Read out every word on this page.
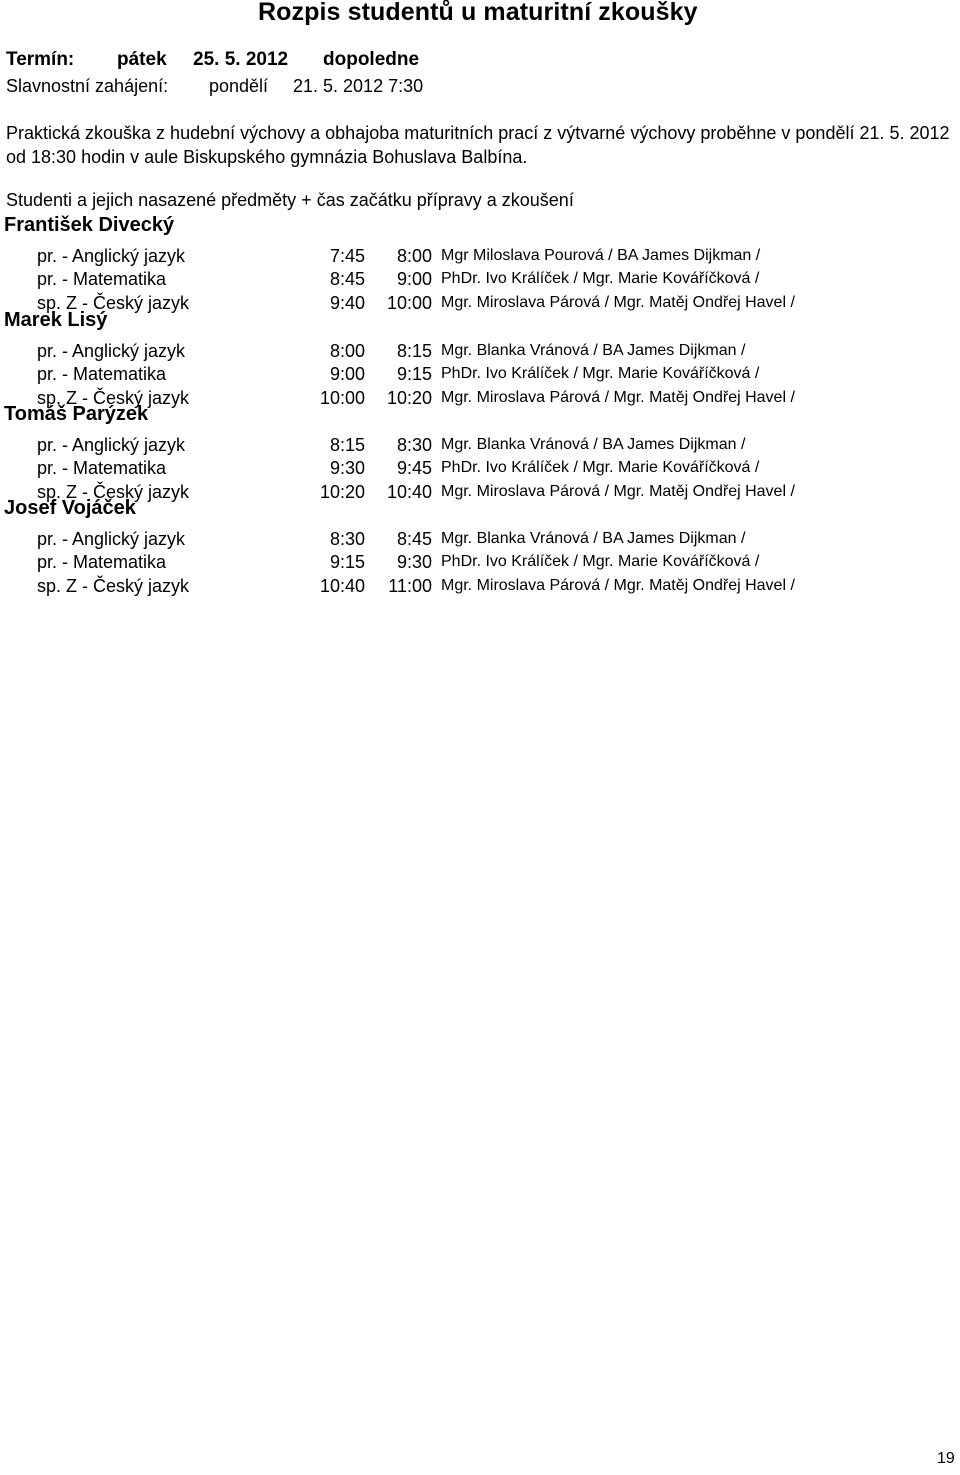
Rozpis studentů u maturitní zkoušky
Termín: pátek 25. 5. 2012 dopoledne
Slavnostní zahájení: pondělí 21. 5. 2012 7:30
Praktická zkouška z hudební výchovy a obhajoba maturitních prací z výtvarné výchovy proběhne v pondělí 21. 5. 2012 od 18:30 hodin v aule Biskupského gymnázia Bohuslava Balbína.
Studenti a jejich nasazené předměty + čas začátku přípravy a zkoušení
František Divecký
pr. - Anglický jazyk	7:45	8:00 Mgr Miloslava Pourová / BA James Dijkman /
pr. - Matematika	8:45	9:00 PhDr. Ivo Králíček / Mgr. Marie Kováříčková /
sp. Z - Český jazyk	9:40	10:00 Mgr. Miroslava Párová / Mgr. Matěj Ondřej Havel /
Marek Lisý
pr. - Anglický jazyk	8:00	8:15 Mgr. Blanka Vránová / BA James Dijkman /
pr. - Matematika	9:00	9:15 PhDr. Ivo Králíček / Mgr. Marie Kováříčková /
sp. Z - Český jazyk	10:00	10:20 Mgr. Miroslava Párová / Mgr. Matěj Ondřej Havel /
Tomáš Parýzek
pr. - Anglický jazyk	8:15	8:30 Mgr. Blanka Vránová / BA James Dijkman /
pr. - Matematika	9:30	9:45 PhDr. Ivo Králíček / Mgr. Marie Kováříčková /
sp. Z - Český jazyk	10:20	10:40 Mgr. Miroslava Párová / Mgr. Matěj Ondřej Havel /
Josef Vojáček
pr. - Anglický jazyk	8:30	8:45 Mgr. Blanka Vránová / BA James Dijkman /
pr. - Matematika	9:15	9:30 PhDr. Ivo Králíček / Mgr. Marie Kováříčková /
sp. Z - Český jazyk	10:40	11:00 Mgr. Miroslava Párová / Mgr. Matěj Ondřej Havel /
19
